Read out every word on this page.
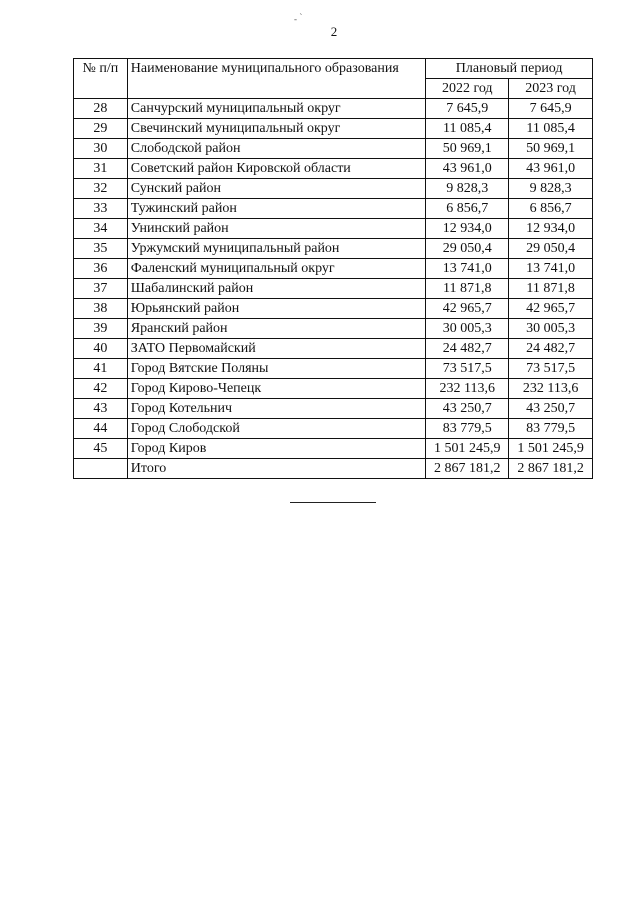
- ̀
2
№ п/п	Наименование муниципального образования	Плановый период	
		2022 год	2023 год
28	Санчурский муниципальный округ	7 645,9	7 645,9
29	Свечинский муниципальный округ	11 085,4	11 085,4
30	Слободской район	50 969,1	50 969,1
31	Советский район Кировской области	43 961,0	43 961,0
32	Сунский район	9 828,3	9 828,3
33	Тужинский район	6 856,7	6 856,7
34	Унинский район	12 934,0	12 934,0
35	Уржумский муниципальный район	29 050,4	29 050,4
36	Фаленский муниципальный округ	13 741,0	13 741,0
37	Шабалинский район	11 871,8	11 871,8
38	Юрьянский район	42 965,7	42 965,7
39	Яранский район	30 005,3	30 005,3
40	ЗАТО Первомайский	24 482,7	24 482,7
41	Город Вятские Поляны	73 517,5	73 517,5
42	Город Кирово-Чепецк	232 113,6	232 113,6
43	Город Котельнич	43 250,7	43 250,7
44	Город Слободской	83 779,5	83 779,5
45	Город Киров	1 501 245,9	1 501 245,9
	Итого	2 867 181,2	2 867 181,2
